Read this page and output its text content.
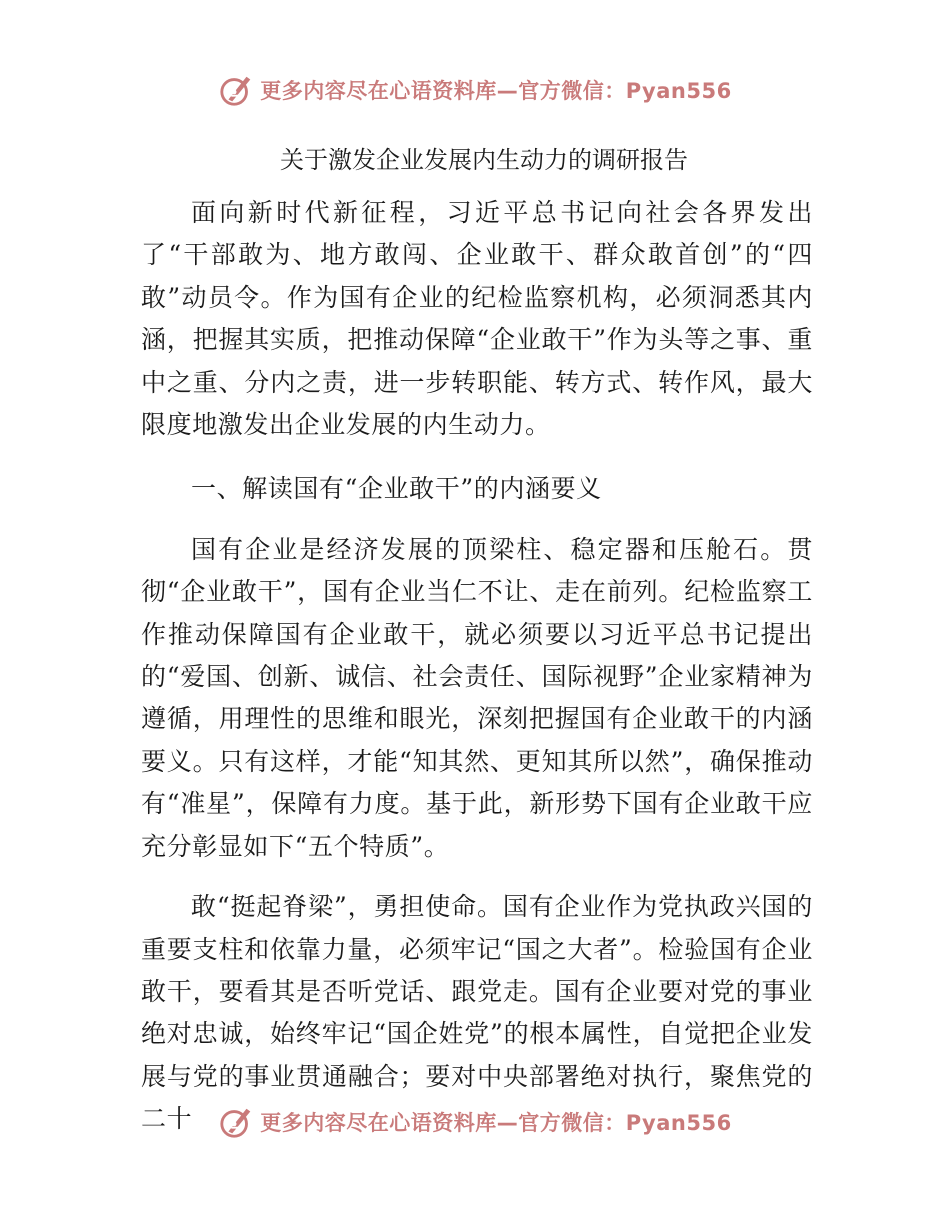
更多内容尽在心语资料库—官方微信：Pyan556
关于激发企业发展内生动力的调研报告

面向新时代新征程，习近平总书记向社会各界发出了“干部敢为、地方敢闯、企业敢干、群众敢首创”的“四敢”动员令。作为国有企业的纪检监察机构，必须洞悉其内涵，把握其实质，把推动保障“企业敢干”作为头等之事、重中之重、分内之责，进一步转职能、转方式、转作风，最大限度地激发出企业发展的内生动力。

一、解读国有“企业敢干”的内涵要义

国有企业是经济发展的顶梁柱、稳定器和压舱石。贯彻“企业敢干”，国有企业当仁不让、走在前列。纪检监察工作推动保障国有企业敢干，就必须要以习近平总书记提出的“爱国、创新、诚信、社会责任、国际视野”企业家精神为遵循，用理性的思维和眼光，深刻把握国有企业敢干的内涵要义。只有这样，才能“知其然、更知其所以然”，确保推动有“准星”，保障有力度。基于此，新形势下国有企业敢干应充分彰显如下“五个特质”。

敢“挺起脊梁”，勇担使命。国有企业作为党执政兴国的重要支柱和依靠力量，必须牢记“国之大者”。检验国有企业敢干，要看其是否听党话、跟党走。国有企业要对党的事业绝对忠诚，始终牢记“国企姓党”的根本属性，自觉把企业发展与党的事业贯通融合；要对中央部署绝对执行，聚焦党的二十	更多内容尽在心语资料库—官方微信：Pyan556
